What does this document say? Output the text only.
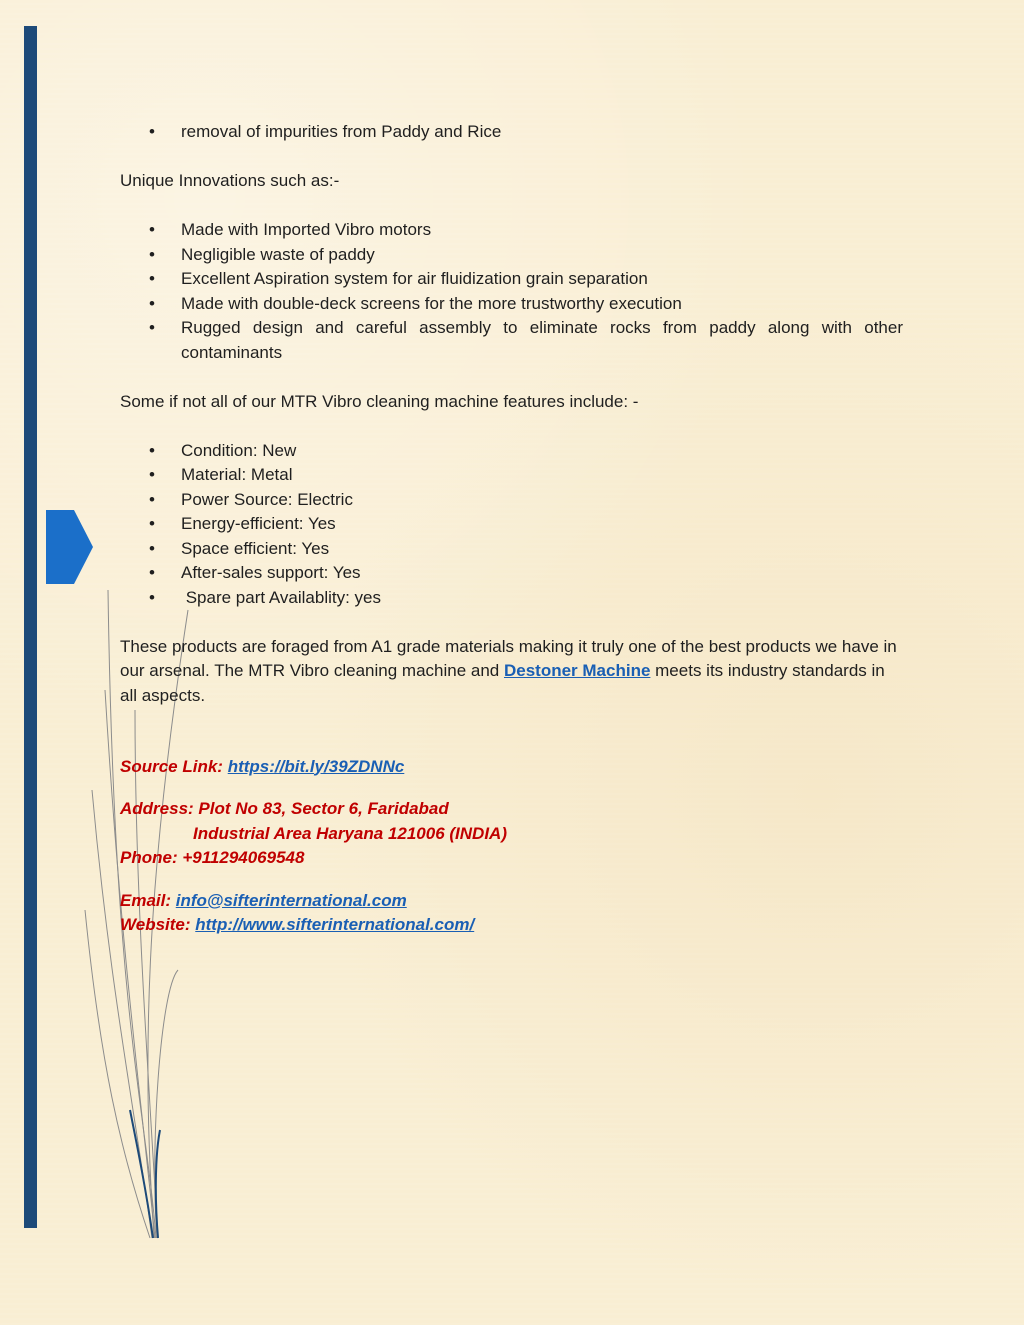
• removal of impurities from Paddy and Rice

Unique Innovations such as:-

• Made with Imported Vibro motors
• Negligible waste of paddy
• Excellent Aspiration system for air fluidization grain separation
• Made with double-deck screens for the more trustworthy execution
• Rugged design and careful assembly to eliminate rocks from paddy along with other contaminants

Some if not all of our MTR Vibro cleaning machine features include: -

• Condition: New
• Material: Metal
• Power Source: Electric
• Energy-efficient: Yes
• Space efficient: Yes
• After-sales support: Yes
•  Spare part Availablity: yes

These products are foraged from A1 grade materials making it truly one of the best products we have in our arsenal. The MTR Vibro cleaning machine and Destoner Machine meets its industry standards in all aspects.

Source Link: https://bit.ly/39ZDNNc

Address: Plot No 83, Sector 6, Faridabad

Industrial Area Haryana 121006 (INDIA)

Phone: +911294069548

Email: info@sifterinternational.com

Website: http://www.sifterinternational.com/
